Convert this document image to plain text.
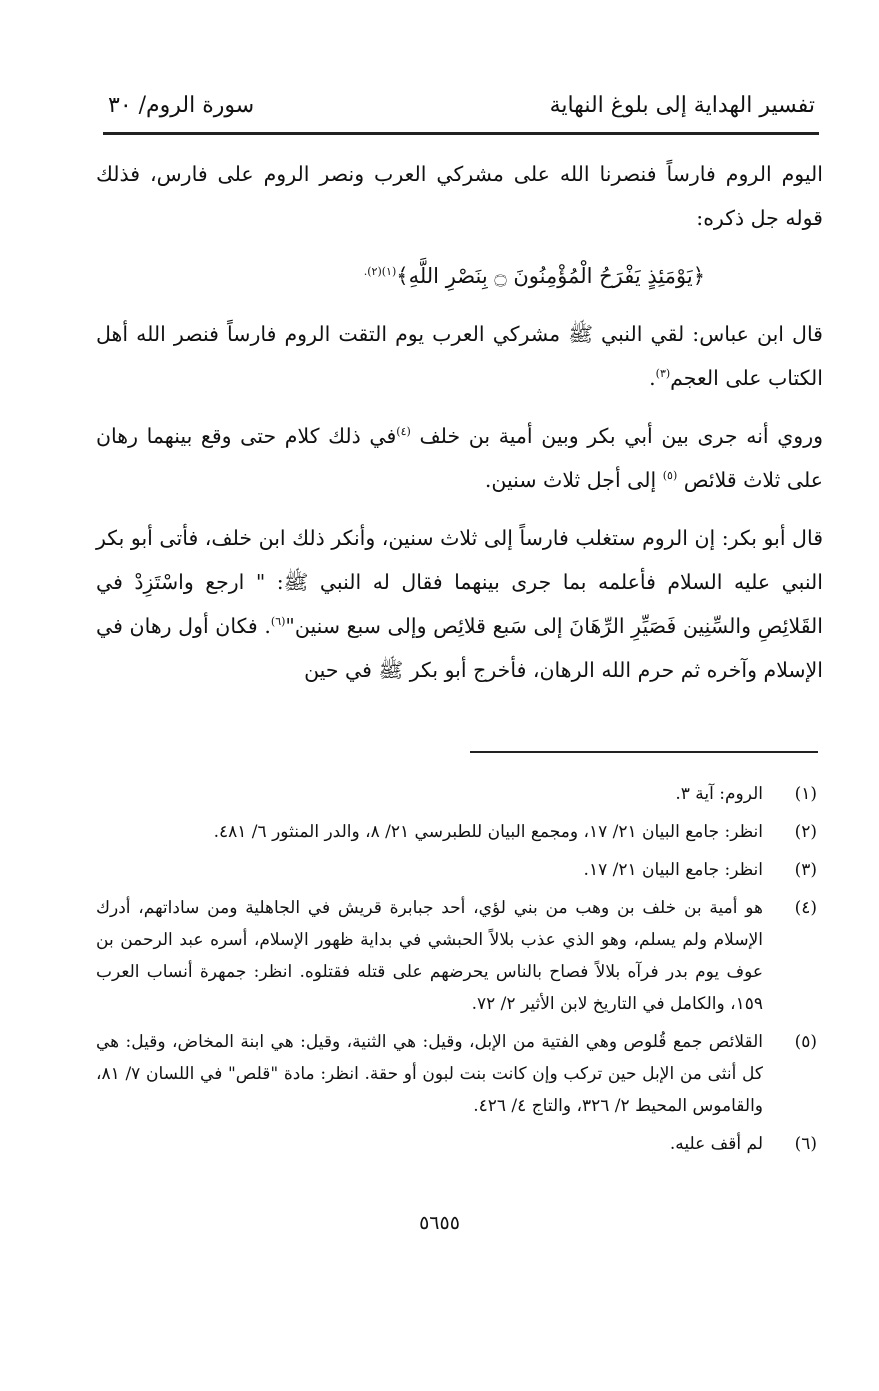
تفسير الهداية إلى بلوغ النهاية
سورة الروم/ ٣٠

اليوم الروم فارساً فنصرنا الله على مشركي العرب ونصر الروم على فارس، فذلك قوله جل ذكره:

﴿يَوْمَئِذٍ يَفْرَحُ الْمُؤْمِنُونَ ۝ بِنَصْرِ اللَّهِ﴾$^{(١)(٢).}$

قال ابن عباس: لقي النبي ﷺ مشركي العرب يوم التقت الروم فارساً فنصر الله أهل الكتاب على العجم$^{(٣)}$.

وروي أنه جرى بين أبي بكر وبين أمية بن خلف $^{(٤)}$في ذلك كلام حتى وقع بينهما رهان على ثلاث قلائص $^{(٥)}$ إلى أجل ثلاث سنين.

قال أبو بكر: إن الروم ستغلب فارساً إلى ثلاث سنين، وأنكر ذلك ابن خلف، فأتى أبو بكر النبي عليه السلام فأعلمه بما جرى بينهما فقال له النبي ﷺ: " ارجع واسْتَزِدْ في القَلائِصِ والسِّنِين فَصَيِّرِ الرِّهَانَ إلى سَبع قلائِص وإلى سبع سنين"$^{(٦)}$. فكان أول رهان في الإسلام وآخره ثم حرم الله الرهان، فأخرج أبو بكر ﷺ في حين

(١)
الروم: آية ٣.
(٢)
انظر: جامع البيان ٢١/ ١٧، ومجمع البيان للطبرسي ٢١/ ٨، والدر المنثور ٦/ ٤٨١.
(٣)
انظر: جامع البيان ٢١/ ١٧.
(٤)
هو أمية بن خلف بن وهب من بني لؤي، أحد جبابرة قريش في الجاهلية ومن ساداتهم، أدرك الإسلام ولم يسلم، وهو الذي عذب بلالاً الحبشي في بداية ظهور الإسلام، أسره عبد الرحمن بن عوف يوم بدر فرآه بلالاً فصاح بالناس يحرضهم على قتله فقتلوه. انظر: جمهرة أنساب العرب ١٥٩، والكامل في التاريخ لابن الأثير ٢/ ٧٢.
(٥)
القلائص جمع قُلوص وهي الفتية من الإبل، وقيل: هي الثنية، وقيل: هي ابنة المخاض، وقيل: هي كل أنثى من الإبل حين تركب وإن كانت بنت لبون أو حقة. انظر: مادة "قلص" في اللسان ٧/ ٨١، والقاموس المحيط ٢/ ٣٢٦، والتاج ٤/ ٤٢٦.
(٦)
لم أقف عليه.
٥٦٥٥
